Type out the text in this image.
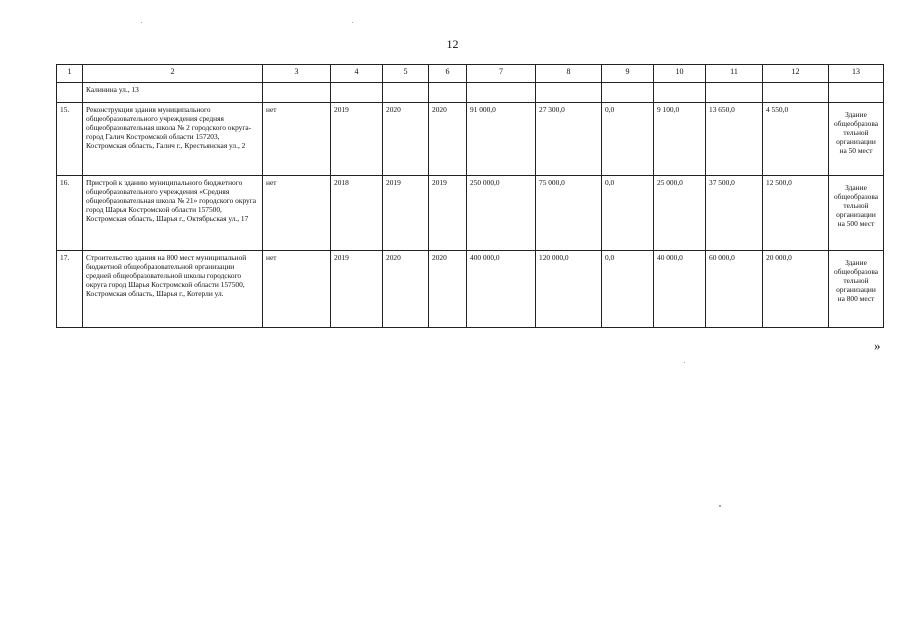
12
1	2	3	4	5	6	7	8	9	10	11	12	13
	Калинина ул., 13											
15.	Реконструкция здания муниципального общеобразовательного учреждения средняя общеобразовательная школа № 2 городского округа-город Галич Костромской области 157203, Костромская область, Галич г., Крестьянская ул., 2	нет	2019	2020	2020	91 000,0	27 300,0	0,0	9 100,0	13 650,0	4 550,0	Здание общеобразова тельной организации на 50 мест

16.	Пристрой к зданию муниципального бюджетного общеобразовательного учреждения «Средняя общеобразовательная школа № 21» городского округа город Шарья Костромской области 157500, Костромская область, Шарья г., Октябрьская ул., 17	нет	2018	2019	2019	250 000,0	75 000,0	0,0	25 000,0	37 500,0	12 500,0	Здание общеобразова тельной организации на 500 мест

17.	Строительство здания на 800 мест муниципальной бюджетной общеобразовательной организации средней общеобразовательной школы городского округа город Шарья Костромской области 157500, Костромская область, Шарья г., Котерли ул.	нет	2019	2020	2020	400 000,0	120 000,0	0,0	40 000,0	60 000,0	20 000,0	Здание общеобразова тельной организации на 800 мест
»
